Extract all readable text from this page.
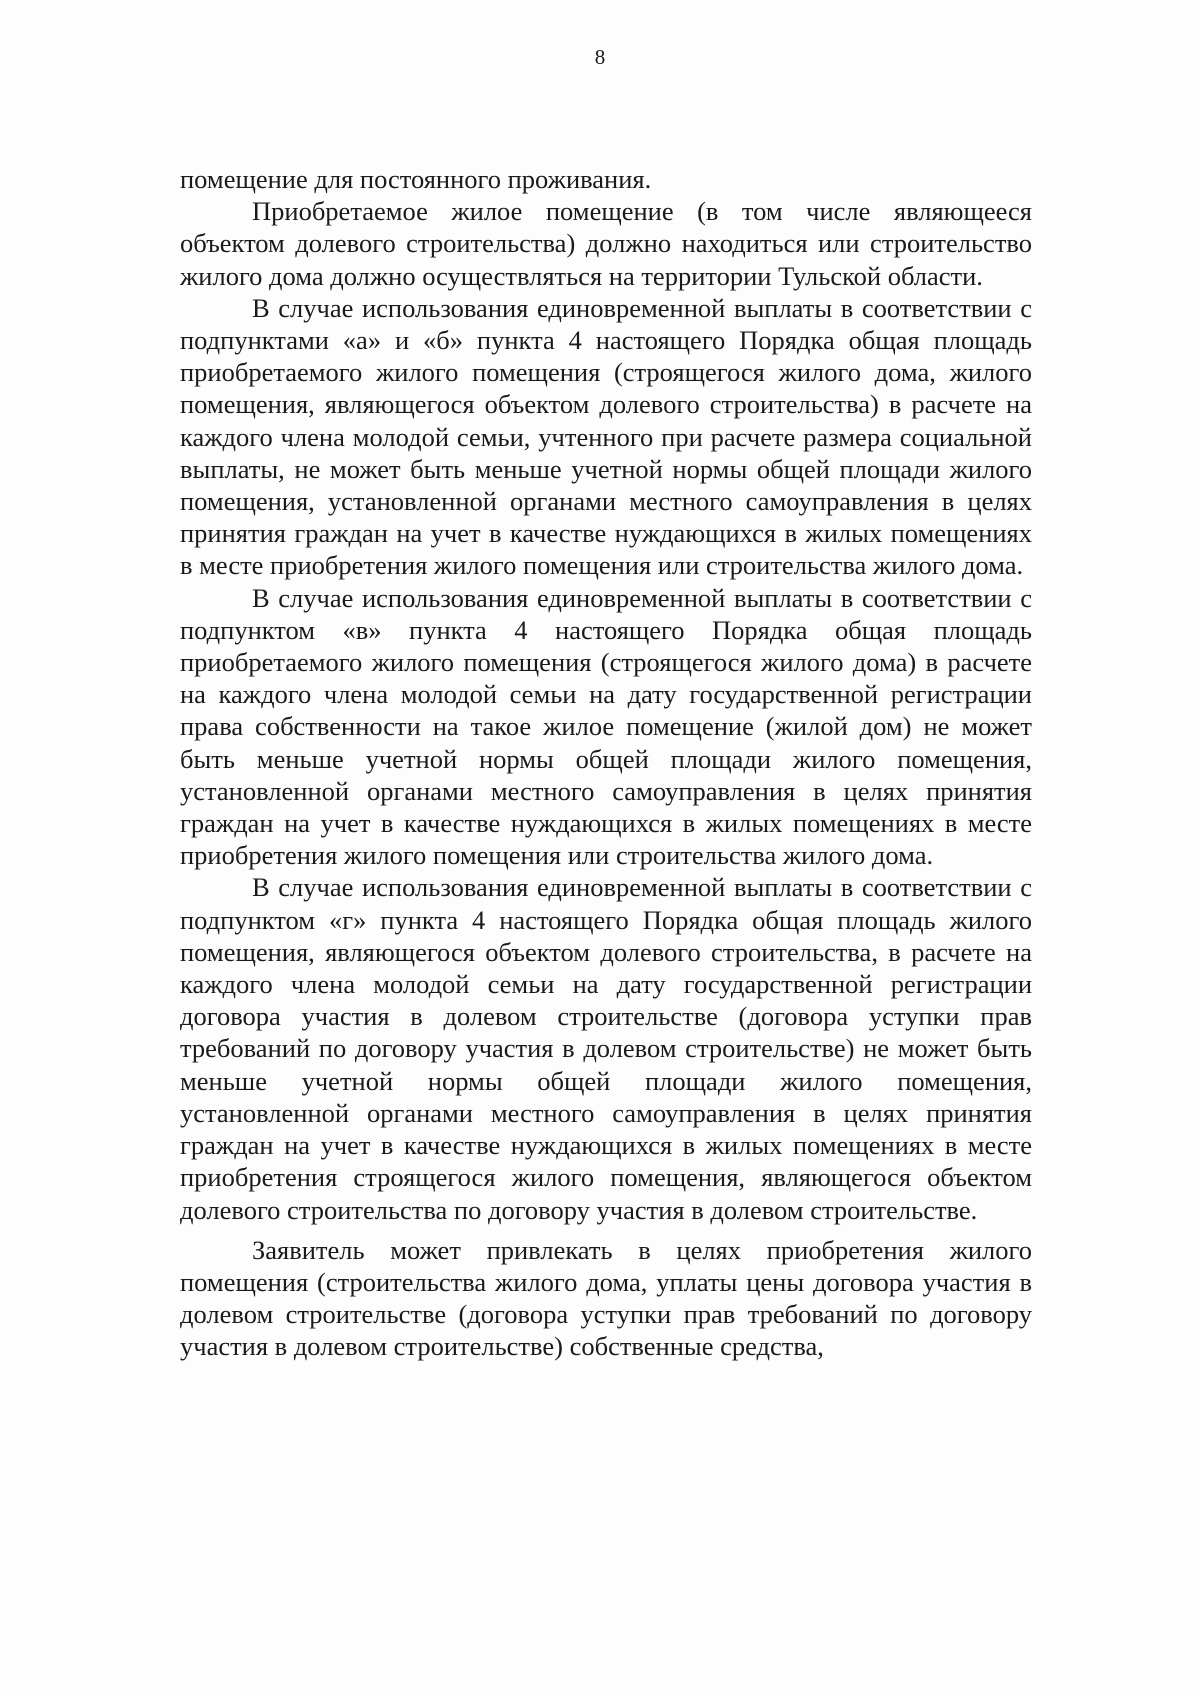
8

помещение для постоянного проживания.

Приобретаемое жилое помещение (в том числе являющееся объектом долевого строительства) должно находиться или строительство жилого дома должно осуществляться на территории Тульской области.

В случае использования единовременной выплаты в соответствии с подпунктами «а» и «б» пункта 4 настоящего Порядка общая площадь приобретаемого жилого помещения (строящегося жилого дома, жилого помещения, являющегося объектом долевого строительства) в расчете на каждого члена молодой семьи, учтенного при расчете размера социальной выплаты, не может быть меньше учетной нормы общей площади жилого помещения, установленной органами местного самоуправления в целях принятия граждан на учет в качестве нуждающихся в жилых помещениях в месте приобретения жилого помещения или строительства жилого дома.

В случае использования единовременной выплаты в соответствии с подпунктом «в» пункта 4 настоящего Порядка общая площадь приобретаемого жилого помещения (строящегося жилого дома) в расчете на каждого члена молодой семьи на дату государственной регистрации права собственности на такое жилое помещение (жилой дом) не может быть меньше учетной нормы общей площади жилого помещения, установленной органами местного самоуправления в целях принятия граждан на учет в качестве нуждающихся в жилых помещениях в месте приобретения жилого помещения или строительства жилого дома.

В случае использования единовременной выплаты в соответствии с подпунктом «г» пункта 4 настоящего Порядка общая площадь жилого помещения, являющегося объектом долевого строительства, в расчете на каждого члена молодой семьи на дату государственной регистрации договора участия в долевом строительстве (договора уступки прав требований по договору участия в долевом строительстве) не может быть меньше учетной нормы общей площади жилого помещения, установленной органами местного самоуправления в целях принятия граждан на учет в качестве нуждающихся в жилых помещениях в месте приобретения строящегося жилого помещения, являющегося объектом долевого строительства по договору участия в долевом строительстве.

Заявитель может привлекать в целях приобретения жилого помещения (строительства жилого дома, уплаты цены договора участия в долевом строительстве (договора уступки прав требований по договору участия в долевом строительстве) собственные средства,
